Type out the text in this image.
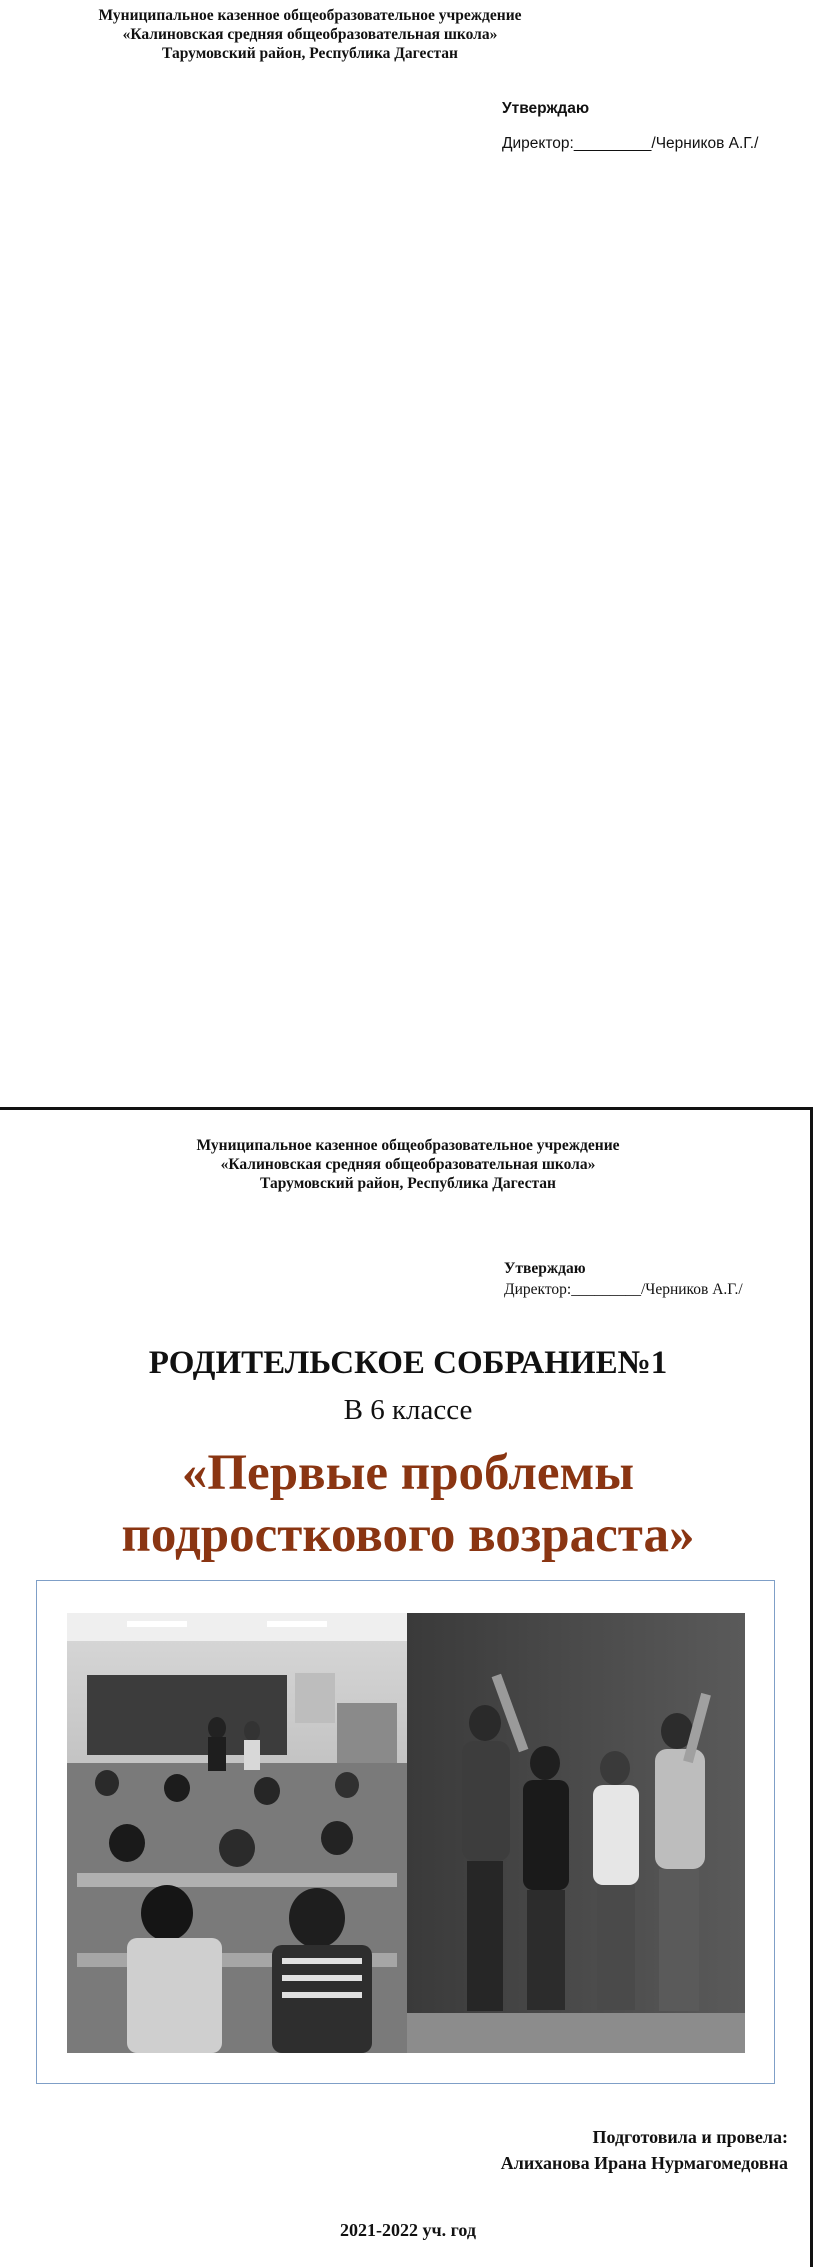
Муниципальное казенное общеобразовательное учреждение
«Калиновская средняя общеобразовательная школа»
Тарумовский район, Республика Дагестан
Утверждаю
Директор:_________/Черников А.Г./
Муниципальное казенное общеобразовательное учреждение
«Калиновская средняя общеобразовательная школа»
Тарумовский район, Республика Дагестан
Утверждаю
Директор:_________/Черников А.Г./
РОДИТЕЛЬСКОЕ СОБРАНИЕ№1
В 6 классе
«Первые проблемы
подросткового возраста»
Подготовила и провела:
Алиханова Ирана Нурмагомедовна
2021-2022 уч. год
